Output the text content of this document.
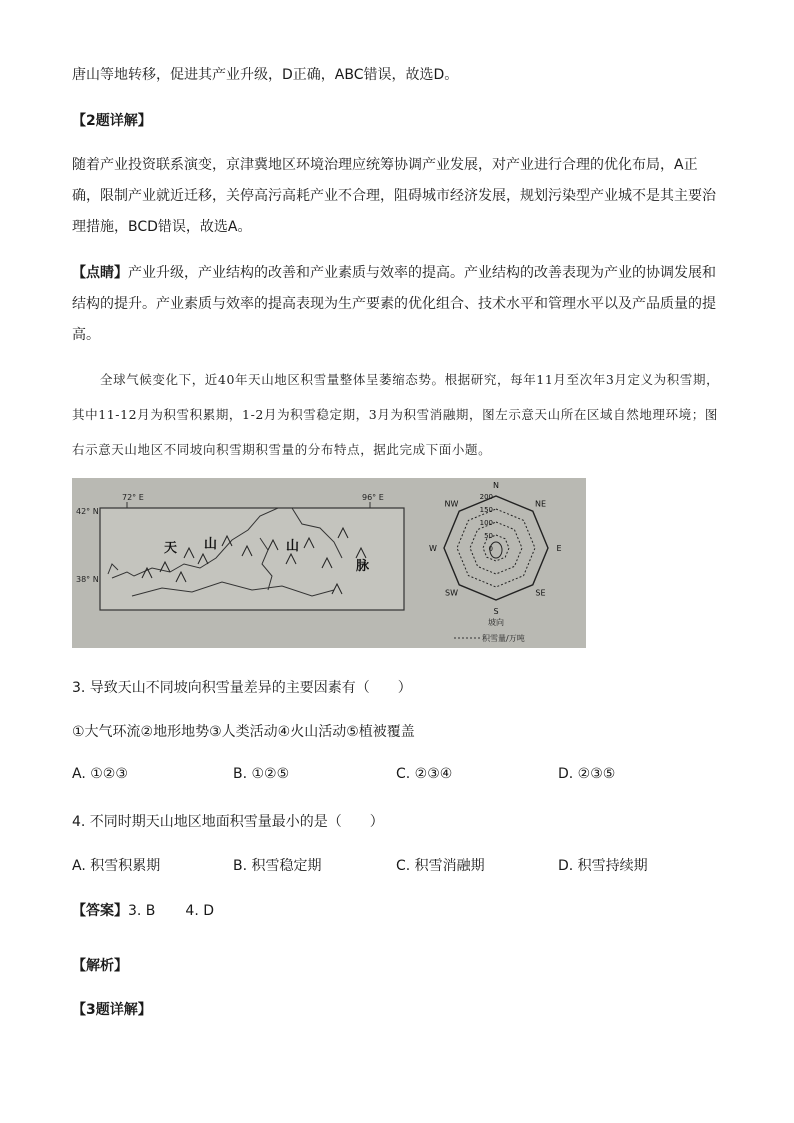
唐山等地转移，促进其产业升级，D正确，ABC错误，故选D。

【2题详解】

随着产业投资联系演变，京津冀地区环境治理应统筹协调产业发展，对产业进行合理的优化布局，A正确，限制产业就近迁移，关停高污高耗产业不合理，阻碍城市经济发展，规划污染型产业城不是其主要治理措施，BCD错误，故选A。

【点睛】产业升级，产业结构的改善和产业素质与效率的提高。产业结构的改善表现为产业的协调发展和结构的提升。产业素质与效率的提高表现为生产要素的优化组合、技术水平和管理水平以及产品质量的提高。

全球气候变化下，近40年天山地区积雪量整体呈萎缩态势。根据研究，每年11月至次年3月定义为积雪期，其中11-12月为积雪积累期，1-2月为积雪稳定期，3月为积雪消融期，图左示意天山所在区域自然地理环境；图右示意天山地区不同坡向积雪期积雪量的分布特点，据此完成下面小题。

72° E	96° E
42° N
38° N
天 山	山
脉
N
NE
E
SE
S
SW
W
NW
200
150
100
50
0
坡向
积雪量/万吨
3. 导致天山不同坡向积雪量差异的主要因素有（　　）
①大气环流②地形地势③人类活动④火山活动⑤植被覆盖
A. ①②③	B. ①②⑤	C. ②③④	D. ②③⑤
4. 不同时期天山地区地面积雪量最小的是（　　）
A. 积雪积累期	B. 积雪稳定期	C. 积雪消融期	D. 积雪持续期
【答案】3. B 4. D
【解析】
【3题详解】
